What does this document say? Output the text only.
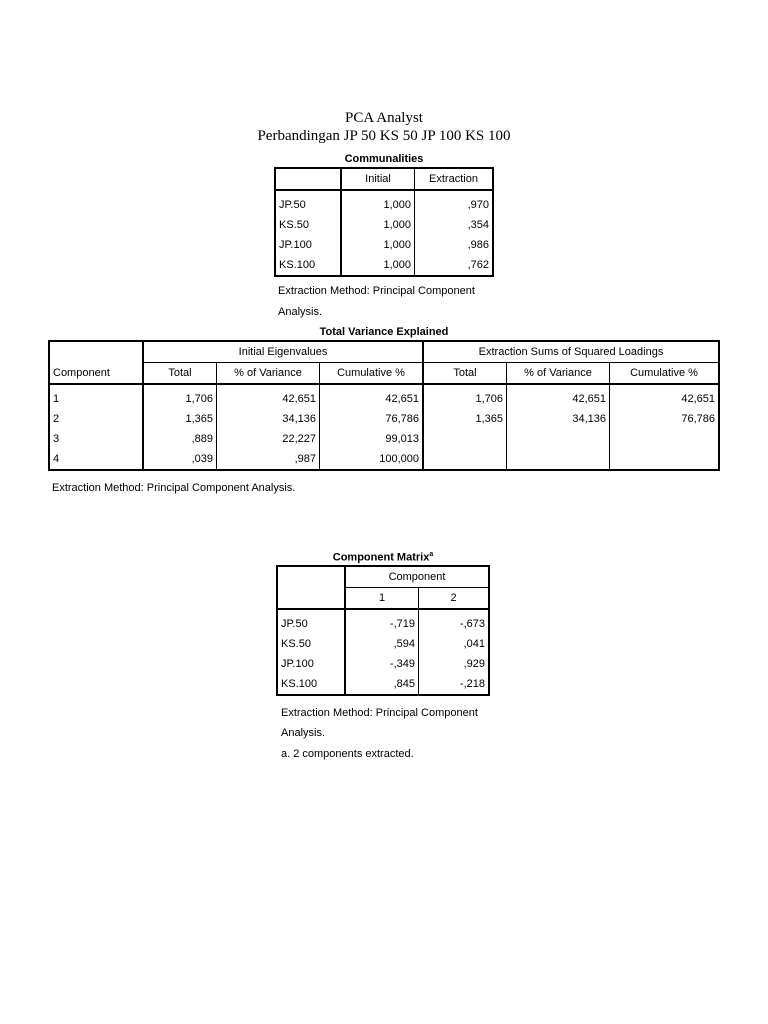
PCA Analyst
Perbandingan JP 50 KS 50 JP 100 KS 100
Communalities
	Initial	Extraction

JP.50	1,000	,970
KS.50	1,000	,354
JP.100	1,000	,986
KS.100	1,000	,762
Extraction Method: Principal Component
Analysis.
Total Variance Explained
	Initial Eigenvalues			Extraction Sums of Squared Loadings		
Component	Total	% of Variance	Cumulative %	Total	% of Variance	Cumulative %

1	1,706	42,651	42,651	1,706	42,651	42,651
2	1,365	34,136	76,786	1,365	34,136	76,786
3	,889	22,227	99,013			
4	,039	,987	100,000			
Extraction Method: Principal Component Analysis.
Component Matrix$^a$
	Component	
	1	2

JP.50	-,719	-,673
KS.50	,594	,041
JP.100	-,349	,929
KS.100	,845	-,218
Extraction Method: Principal Component
Analysis.
a. 2 components extracted.
